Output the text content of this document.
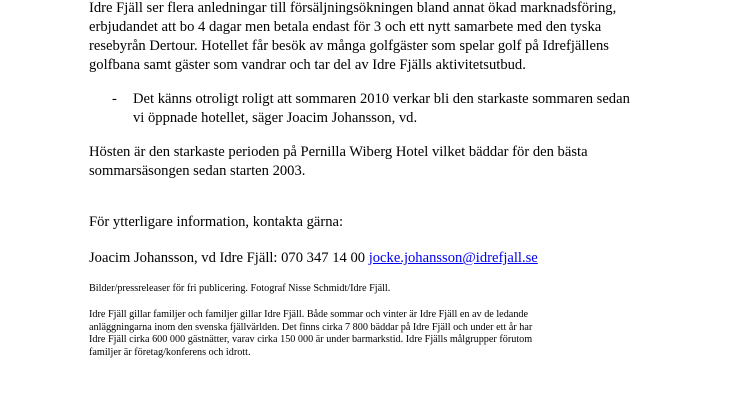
Idre Fjäll ser flera anledningar till försäljningsökningen bland annat ökad marknadsföring,
erbjudandet att bo 4 dagar men betala endast för 3 och ett nytt samarbete med den tyska
resebyrån Dertour. Hotellet får besök av många golfgäster som spelar golf på Idrefjällens
golfbana samt gäster som vandrar och tar del av Idre Fjälls aktivitetsutbud.
- Det känns otroligt roligt att sommaren 2010 verkar bli den starkaste sommaren sedan
vi öppnade hotellet, säger Joacim Johansson, vd.
Hösten är den starkaste perioden på Pernilla Wiberg Hotel vilket bäddar för den bästa
sommarsäsongen sedan starten 2003.
För ytterligare information, kontakta gärna:
Joacim Johansson, vd Idre Fjäll: 070 347 14 00 jocke.johansson@idrefjall.se
Bilder/pressreleaser för fri publicering. Fotograf Nisse Schmidt/Idre Fjäll.
Idre Fjäll gillar familjer och familjer gillar Idre Fjäll. Både sommar och vinter är Idre Fjäll en av de ledande
anläggningarna inom den svenska fjällvärlden. Det finns cirka 7 800 bäddar på Idre Fjäll och under ett år har
Idre Fjäll cirka 600 000 gästnätter, varav cirka 150 000 är under barmarkstid. Idre Fjälls målgrupper förutom
familjer är företag/konferens och idrott.
